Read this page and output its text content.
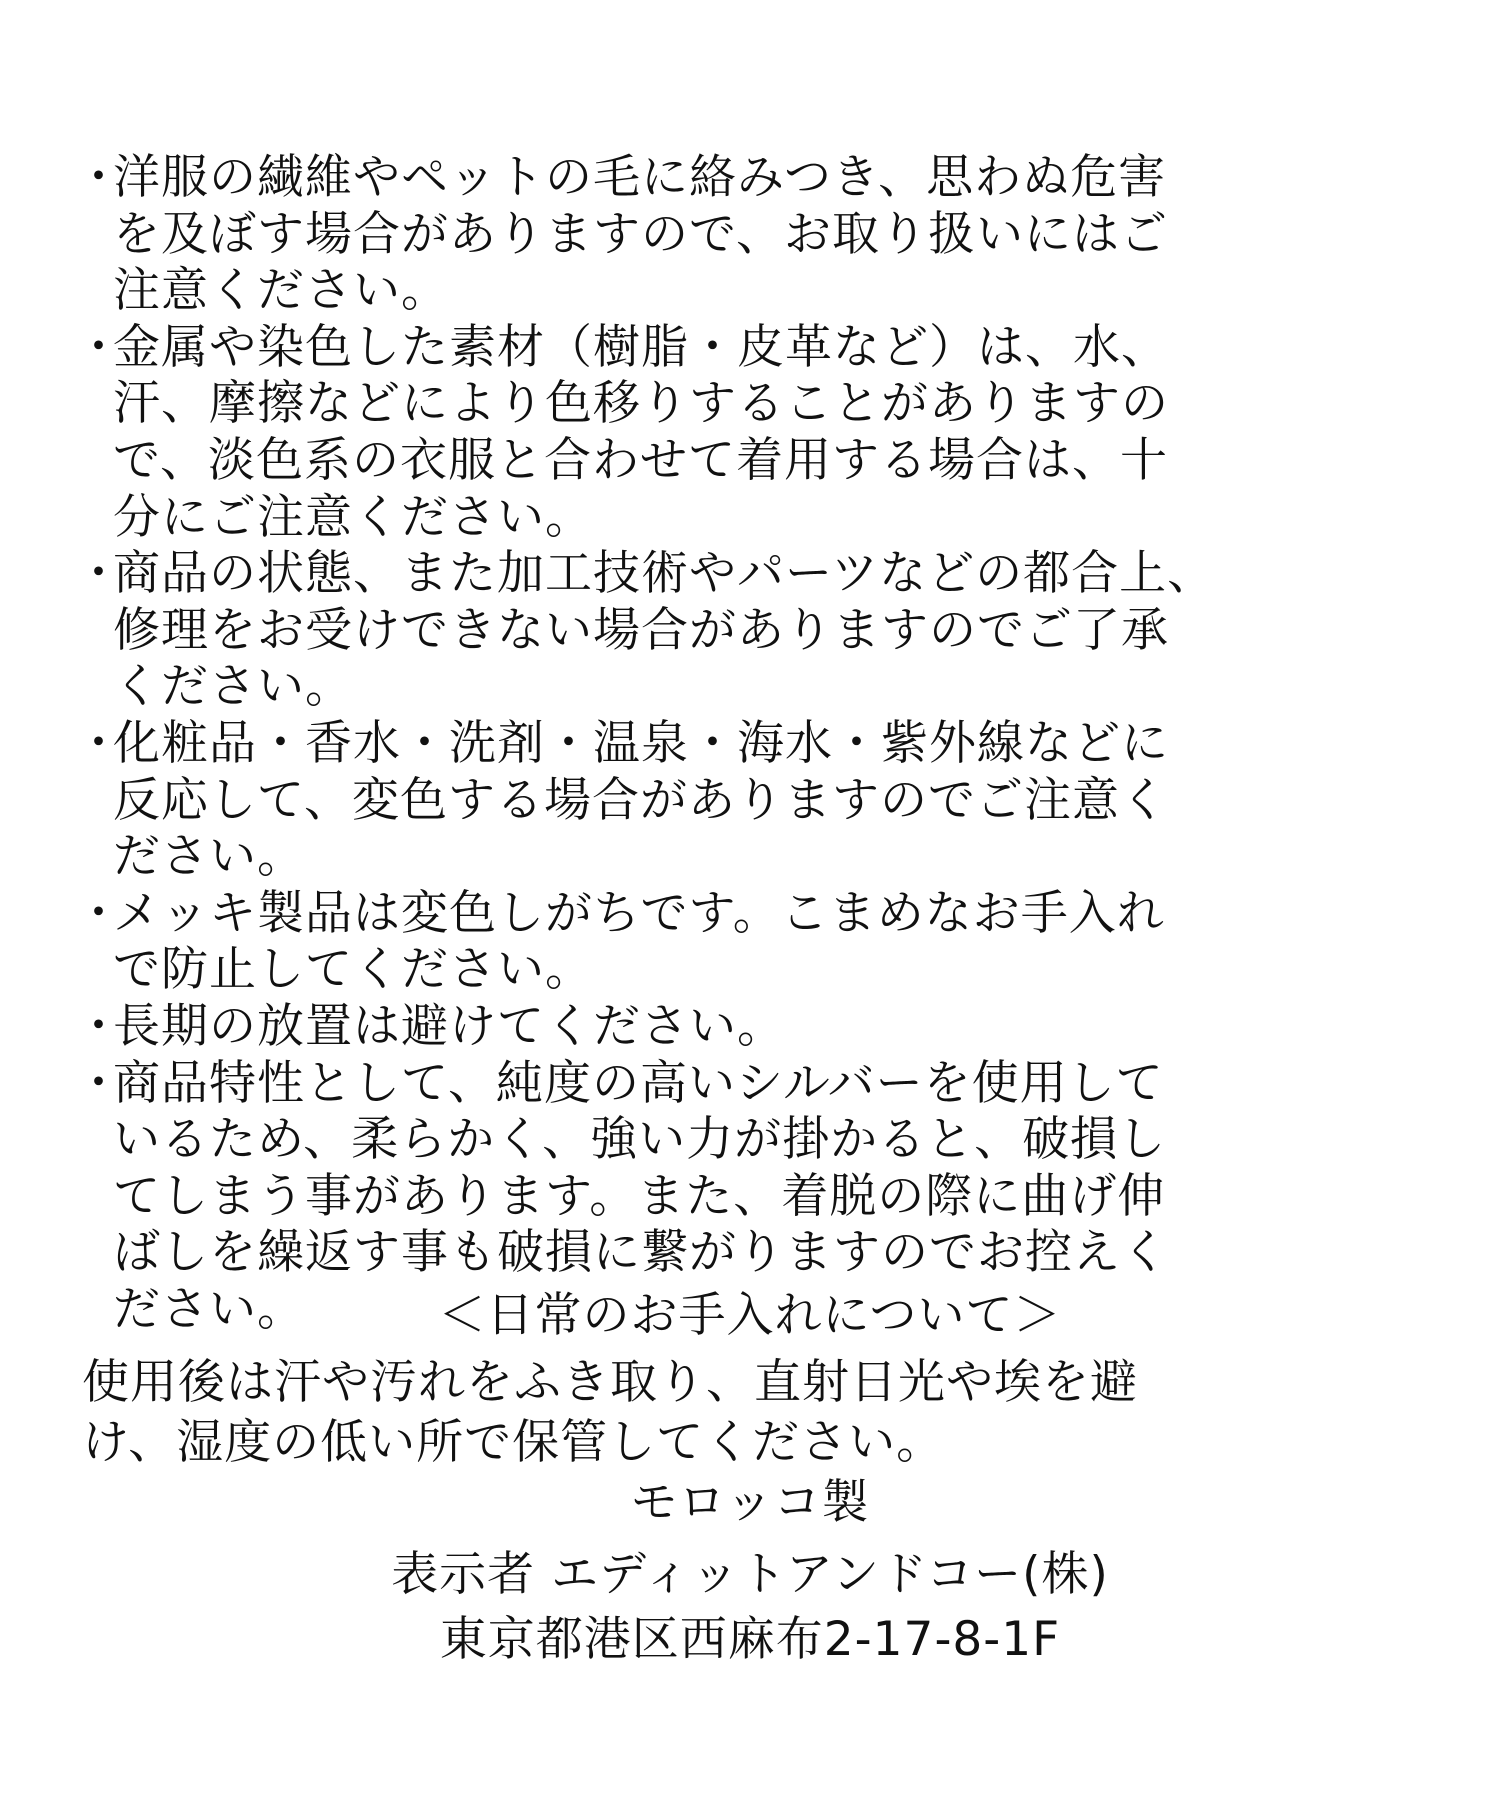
・
洋服の繊維やペットの毛に絡みつき、思わぬ危害
を及ぼす場合がありますので、お取り扱いにはご
注意ください。
・
金属や染色した素材（樹脂・皮革など）は、水、
汗、摩擦などにより色移りすることがありますの
で、淡色系の衣服と合わせて着用する場合は、十
分にご注意ください。
・
商品の状態、また加工技術やパーツなどの都合上、
修理をお受けできない場合がありますのでご了承
ください。
・
化粧品・香水・洗剤・温泉・海水・紫外線などに
反応して、変色する場合がありますのでご注意く
ださい。
・
メッキ製品は変色しがちです。こまめなお手入れ
で防止してください。
・
長期の放置は避けてください。
・
商品特性として、純度の高いシルバーを使用して
いるため、柔らかく、強い力が掛かると、破損し
てしまう事があります。また、着脱の際に曲げ伸
ばしを繰返す事も破損に繋がりますのでお控えく
ださい。	＜日常のお手入れについて＞
使用後は汗や汚れをふき取り、直射日光や埃を避
け、湿度の低い所で保管してください。
モロッコ製
表示者 エディットアンドコー(株)
東京都港区西麻布2-17-8-1F
